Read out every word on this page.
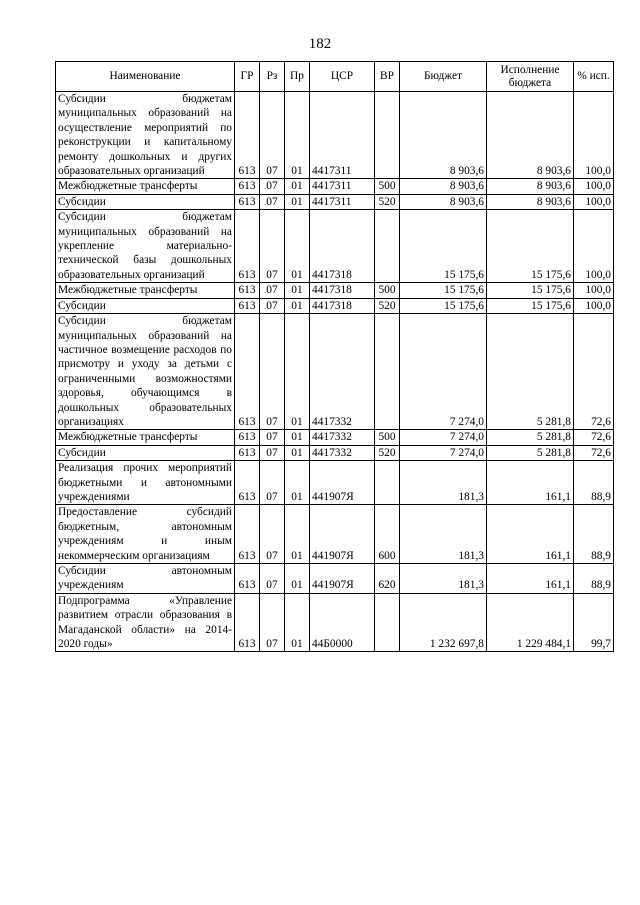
182
Наименование	ГР	Рз	Пр	ЦСР	ВР	Бюджет	Исполнение бюджета	% исп.
Субсидии бюджетам муниципальных образований на осуществление мероприятий по реконструкции и капитальному ремонту дошкольных и других образовательных организаций	613	07	01	4417311		8 903,6	8 903,6	100,0
Межбюджетные трансферты	613	07	01	4417311	500	8 903,6	8 903,6	100,0
Субсидии	613	07	01	4417311	520	8 903,6	8 903,6	100,0
Субсидии бюджетам муниципальных образований на укрепление материально-технической базы дошкольных образовательных организаций	613	07	01	4417318		15 175,6	15 175,6	100,0
Межбюджетные трансферты	613	07	01	4417318	500	15 175,6	15 175,6	100,0
Субсидии	613	07	01	4417318	520	15 175,6	15 175,6	100,0
Субсидии бюджетам муниципальных образований на частичное возмещение расходов по присмотру и уходу за детьми с ограниченными возможностями здоровья, обучающимся в дошкольных образовательных организациях	613	07	01	4417332		7 274,0	5 281,8	72,6
Межбюджетные трансферты	613	07	01	4417332	500	7 274,0	5 281,8	72,6
Субсидии	613	07	01	4417332	520	7 274,0	5 281,8	72,6
Реализация прочих мероприятий бюджетными и автономными учреждениями	613	07	01	441907Я		181,3	161,1	88,9
Предоставление субсидий бюджетным, автономным учреждениям и иным некоммерческим организациям	613	07	01	441907Я	600	181,3	161,1	88,9
Субсидии автономным учреждениям	613	07	01	441907Я	620	181,3	161,1	88,9
Подпрограмма «Управление развитием отрасли образования в Магаданской области» на 2014-2020 годы»	613	07	01	44Б0000		1 232 697,8	1 229 484,1	99,7
